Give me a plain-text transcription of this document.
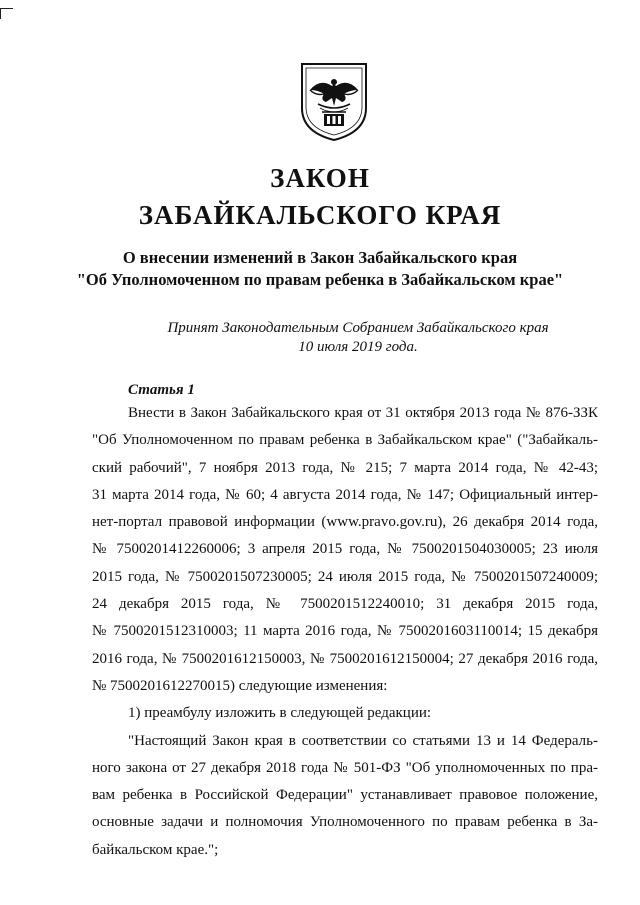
ЗАКОН
ЗАБАЙКАЛЬСКОГО КРАЯ
О внесении изменений в Закон Забайкальского края
"Об Уполномоченном по правам ребенка в Забайкальском крае"

Принят Законодательным Собранием Забайкальского края

10 июля 2019 года.

Статья 1
Внести в Закон Забайкальского края от 31 октября 2013 года № 876-ЗЗК
"Об Уполномоченном по правам ребенка в Забайкальском крае" ("Забайкаль-
ский рабочий", 7 ноября 2013 года, № 215; 7 марта 2014 года, № 42-43;
31 марта 2014 года, № 60; 4 августа 2014 года, № 147; Официальный интер-
нет-портал правовой информации (www.pravo.gov.ru), 26 декабря 2014 года,
№ 7500201412260006; 3 апреля 2015 года, № 7500201504030005; 23 июля
2015 года, № 7500201507230005; 24 июля 2015 года, № 7500201507240009;
24 декабря 2015 года, № 7500201512240010; 31 декабря 2015 года,
№ 7500201512310003; 11 марта 2016 года, № 7500201603110014; 15 декабря
2016 года, № 7500201612150003, № 7500201612150004; 27 декабря 2016 года,
№ 7500201612270015) следующие изменения:
1) преамбулу изложить в следующей редакции:
"Настоящий Закон края в соответствии со статьями 13 и 14 Федераль-
ного закона от 27 декабря 2018 года № 501-ФЗ "Об уполномоченных по пра-
вам ребенка в Российской Федерации" устанавливает правовое положение,
основные задачи и полномочия Уполномоченного по правам ребенка в За-
байкальском крае.";
